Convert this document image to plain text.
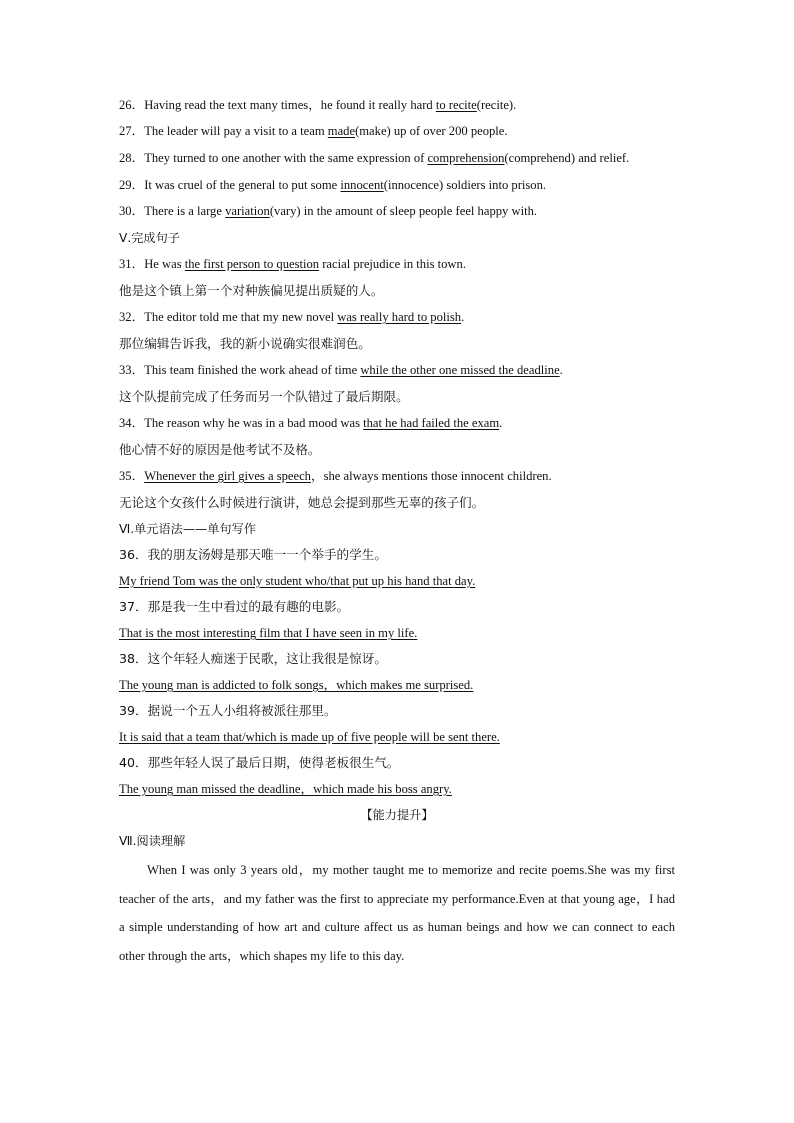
26．Having read the text many times，he found it really hard to recite(recite).
27．The leader will pay a visit to a team made(make) up of over 200 people.
28．They turned to one another with the same expression of comprehension(comprehend) and relief.
29．It was cruel of the general to put some innocent(innocence) soldiers into prison.
30．There is a large variation(vary) in the amount of sleep people feel happy with.
Ⅴ.完成句子
31．He was the first person to question racial prejudice in this town.
他是这个镇上第一个对种族偏见提出质疑的人。
32．The editor told me that my new novel was really hard to polish.
那位编辑告诉我，我的新小说确实很难润色。
33．This team finished the work ahead of time while the other one missed the deadline.
这个队提前完成了任务而另一个队错过了最后期限。
34．The reason why he was in a bad mood was that he had failed the exam.
他心情不好的原因是他考试不及格。
35．Whenever the girl gives a speech，she always mentions those innocent children.
无论这个女孩什么时候进行演讲，她总会提到那些无辜的孩子们。
Ⅵ.单元语法——单句写作
36．我的朋友汤姆是那天唯一一个举手的学生。
My friend Tom was the only student who/that put up his hand that day.
37．那是我一生中看过的最有趣的电影。
That is the most interesting film that I have seen in my life.
38．这个年轻人痴迷于民歌，这让我很是惊讶。
The young man is addicted to folk songs，which makes me surprised.
39．据说一个五人小组将被派往那里。
It is said that a team that/which is made up of five people will be sent there.
40．那些年轻人误了最后日期，使得老板很生气。
The young man missed the deadline，which made his boss angry.
【能力提升】
Ⅶ.阅读理解
When I was only 3 years old，my mother taught me to memorize and recite poems.She was my first teacher of the arts，and my father was the first to appreciate my performance.Even at that young age，I had a simple understanding of how art and culture affect us as human beings and how we can connect to each other through the arts，which shapes my life to this day.
